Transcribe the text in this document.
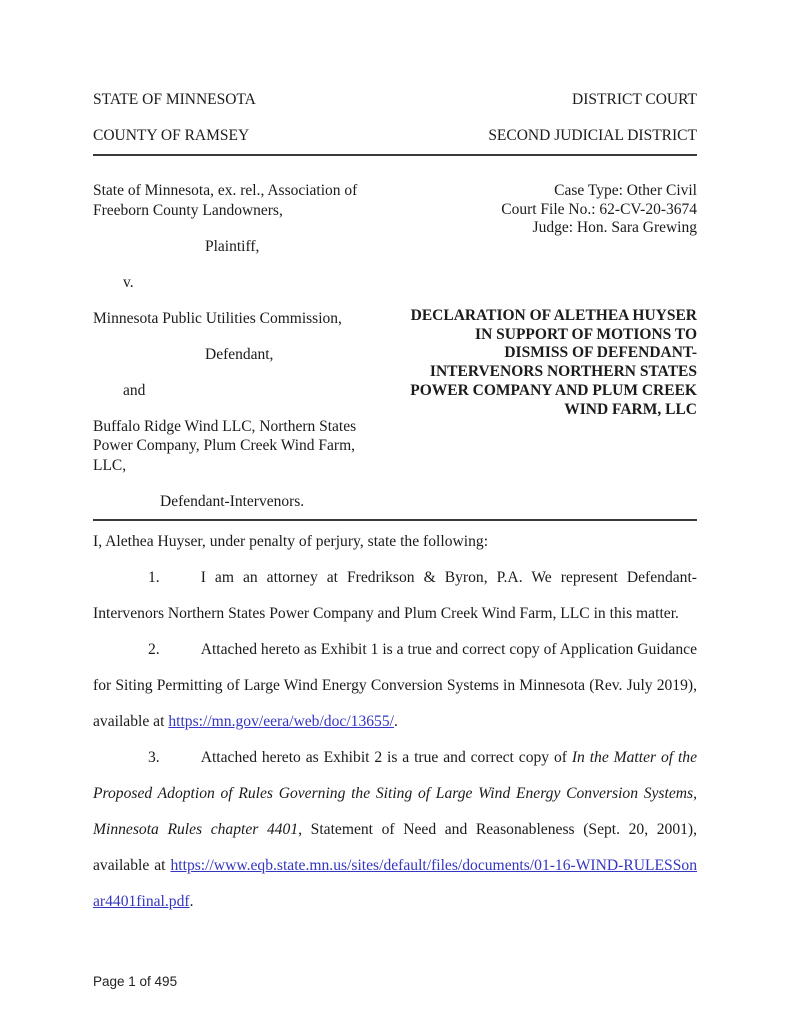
STATE OF MINNESOTA	DISTRICT COURT
COUNTY OF RAMSEY	SECOND JUDICIAL DISTRICT
State of Minnesota, ex. rel., Association of Freeborn County Landowners,
Plaintiff,
v.
Minnesota Public Utilities Commission,
Defendant,
and
Buffalo Ridge Wind LLC, Northern States Power Company, Plum Creek Wind Farm, LLC,
Defendant-Intervenors.
Case Type: Other Civil
Court File No.: 62-CV-20-3674
Judge: Hon. Sara Grewing
DECLARATION OF ALETHEA HUYSER
IN SUPPORT OF MOTIONS TO
DISMISS OF DEFENDANT-
INTERVENORS NORTHERN STATES
POWER COMPANY AND PLUM CREEK
WIND FARM, LLC

I, Alethea Huyser, under penalty of perjury, state the following:

1.	I am an attorney at Fredrikson & Byron, P.A. We represent Defendant-Intervenors Northern States Power Company and Plum Creek Wind Farm, LLC in this matter.

2.	Attached hereto as Exhibit 1 is a true and correct copy of Application Guidance for Siting Permitting of Large Wind Energy Conversion Systems in Minnesota (Rev. July 2019), available at https://mn.gov/eera/web/doc/13655/.

3.	Attached hereto as Exhibit 2 is a true and correct copy of In the Matter of the Proposed Adoption of Rules Governing the Siting of Large Wind Energy Conversion Systems, Minnesota Rules chapter 4401, Statement of Need and Reasonableness (Sept. 20, 2001), available at https://www.eqb.state.mn.us/sites/default/files/documents/01-16-WIND-RULESSonar4401final.pdf.

Page 1 of 495
